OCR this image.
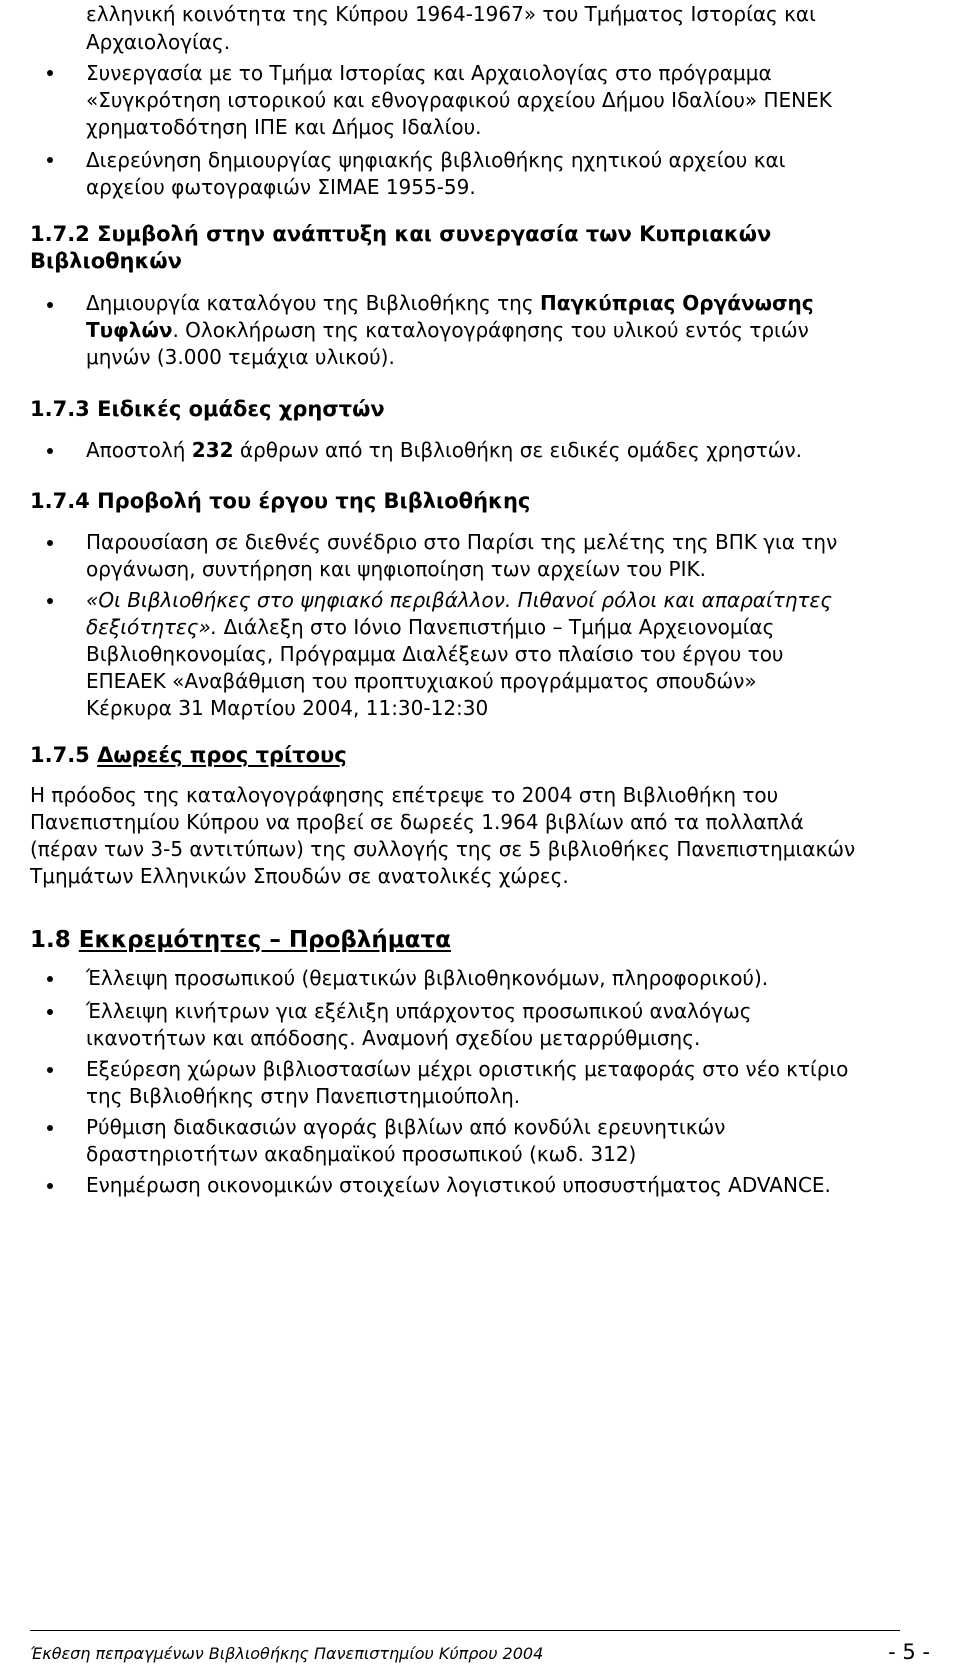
ελληνική κοινότητα της Κύπρου 1964-1967» του Τμήματος Ιστορίας και
Αρχαιολογίας.
Συνεργασία με το Τμήμα Ιστορίας και Αρχαιολογίας στο πρόγραμμα
«Συγκρότηση ιστορικού και εθνογραφικού αρχείου Δήμου Ιδαλίου» ΠΕΝΕΚ
χρηματοδότηση ΙΠΕ και Δήμος Ιδαλίου.
Διερεύνηση δημιουργίας ψηφιακής βιβλιοθήκης ηχητικού αρχείου και
αρχείου φωτογραφιών ΣΙΜΑΕ 1955-59.
1.7.2 Συμβολή στην ανάπτυξη και συνεργασία των Κυπριακών
Βιβλιοθηκών
Δημιουργία καταλόγου της Βιβλιοθήκης της Παγκύπριας Οργάνωσης
Τυφλών. Ολοκλήρωση της καταλογογράφησης του υλικού εντός τριών
μηνών (3.000 τεμάχια υλικού).
1.7.3 Ειδικές ομάδες χρηστών
Αποστολή 232 άρθρων από τη Βιβλιοθήκη σε ειδικές ομάδες χρηστών.
1.7.4 Προβολή του έργου της Βιβλιοθήκης
Παρουσίαση σε διεθνές συνέδριο στο Παρίσι της μελέτης της ΒΠΚ για την
οργάνωση, συντήρηση και ψηφιοποίηση των αρχείων του ΡΙΚ.
«Οι Βιβλιοθήκες στο ψηφιακό περιβάλλον. Πιθανοί ρόλοι και απαραίτητες
δεξιότητες». Διάλεξη στο Ιόνιο Πανεπιστήμιο – Τμήμα Αρχειονομίας
Βιβλιοθηκονομίας, Πρόγραμμα Διαλέξεων στο πλαίσιο του έργου του
ΕΠΕΑΕΚ «Αναβάθμιση του προπτυχιακού προγράμματος σπουδών»
Κέρκυρα 31 Μαρτίου 2004, 11:30-12:30
1.7.5 Δωρεές προς τρίτους
Η πρόοδος της καταλογογράφησης επέτρεψε το 2004 στη Βιβλιοθήκη του
Πανεπιστημίου Κύπρου να προβεί σε δωρεές 1.964 βιβλίων από τα πολλαπλά
(πέραν των 3-5 αντιτύπων) της συλλογής της σε 5 βιβλιοθήκες Πανεπιστημιακών
Τμημάτων Ελληνικών Σπουδών σε ανατολικές χώρες.
1.8 Εκκρεμότητες – Προβλήματα
Έλλειψη προσωπικού (θεματικών βιβλιοθηκονόμων, πληροφορικού).
Έλλειψη κινήτρων για εξέλιξη υπάρχοντος προσωπικού αναλόγως
ικανοτήτων και απόδοσης. Αναμονή σχεδίου μεταρρύθμισης.
Εξεύρεση χώρων βιβλιοστασίων μέχρι οριστικής μεταφοράς στο νέο κτίριο
της Βιβλιοθήκης στην Πανεπιστημιούπολη.
Ρύθμιση διαδικασιών αγοράς βιβλίων από κονδύλι ερευνητικών
δραστηριοτήτων ακαδημαϊκού προσωπικού (κωδ. 312)
Ενημέρωση οικονομικών στοιχείων λογιστικού υποσυστήματος ADVANCE.
Έκθεση πεπραγμένων Βιβλιοθήκης Πανεπιστημίου Κύπρου 2004	- 5 -
